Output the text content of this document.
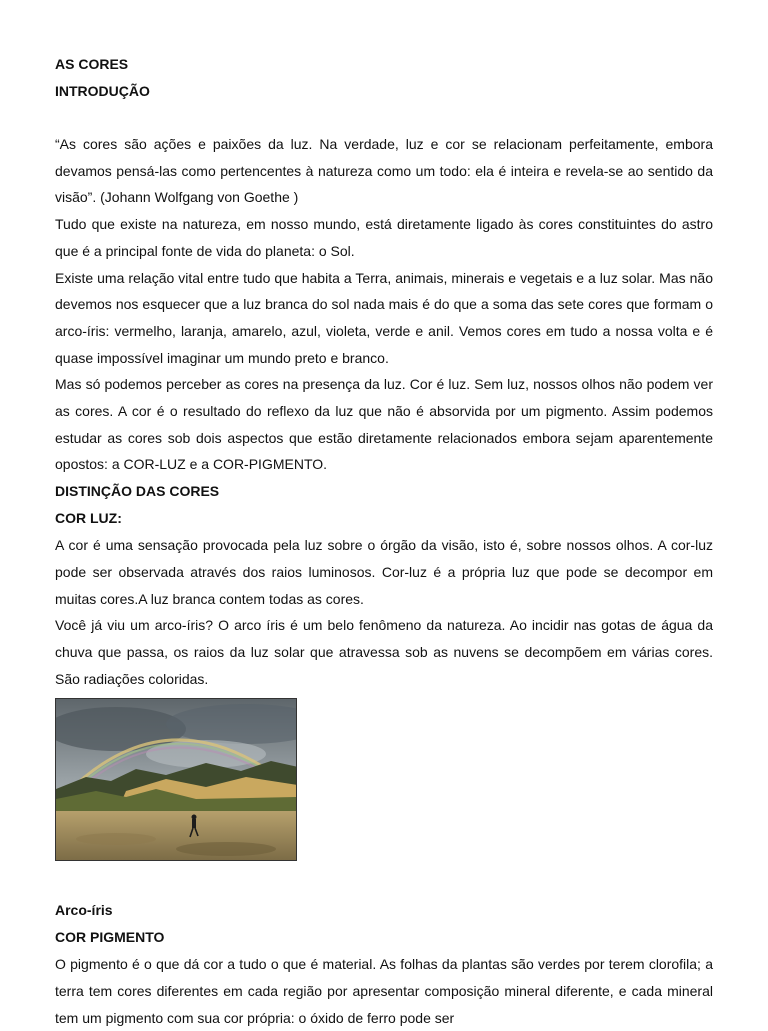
AS CORES

INTRODUÇÃO

“As cores são ações e paixões da luz. Na verdade, luz e cor se relacionam perfeitamente, embora devamos pensá-las como pertencentes à natureza como um todo: ela é inteira e revela-se ao sentido da visão”. (Johann Wolfgang von Goethe )

Tudo que existe na natureza, em nosso mundo, está diretamente ligado às cores constituintes do astro que é a principal fonte de vida do planeta: o Sol.

Existe uma relação vital entre tudo que habita a Terra, animais, minerais e vegetais e a luz solar. Mas não devemos nos esquecer que a luz branca do sol nada mais é do que a soma das sete cores que formam o arco-íris: vermelho, laranja, amarelo, azul, violeta, verde e anil. Vemos cores em tudo a nossa volta e é quase impossível imaginar um mundo preto e branco.

Mas só podemos perceber as cores na presença da luz. Cor é luz. Sem luz, nossos olhos não podem ver as cores. A cor é o resultado do reflexo da luz que não é absorvida por um pigmento. Assim podemos estudar as cores sob dois aspectos que estão diretamente relacionados embora sejam aparentemente opostos: a COR-LUZ e a COR-PIGMENTO.

DISTINÇÃO DAS CORES

COR LUZ:

A cor é uma sensação provocada pela luz sobre o órgão da visão, isto é, sobre nossos olhos. A cor-luz pode ser observada através dos raios luminosos. Cor-luz é a própria luz que pode se decompor em muitas cores.A luz branca contem todas as cores.

Você já viu um arco-íris? O arco íris é um belo fenômeno da natureza. Ao incidir nas gotas de água da chuva que passa, os raios da luz solar que atravessa sob as nuvens se decompõem em várias cores. São radiações coloridas.

Arco-íris

COR PIGMENTO

O pigmento é o que dá cor a tudo o que é material. As folhas da plantas são verdes por terem clorofila; a terra tem cores diferentes em cada região por apresentar composição mineral diferente, e cada mineral tem um pigmento com sua cor própria: o óxido de ferro pode ser
